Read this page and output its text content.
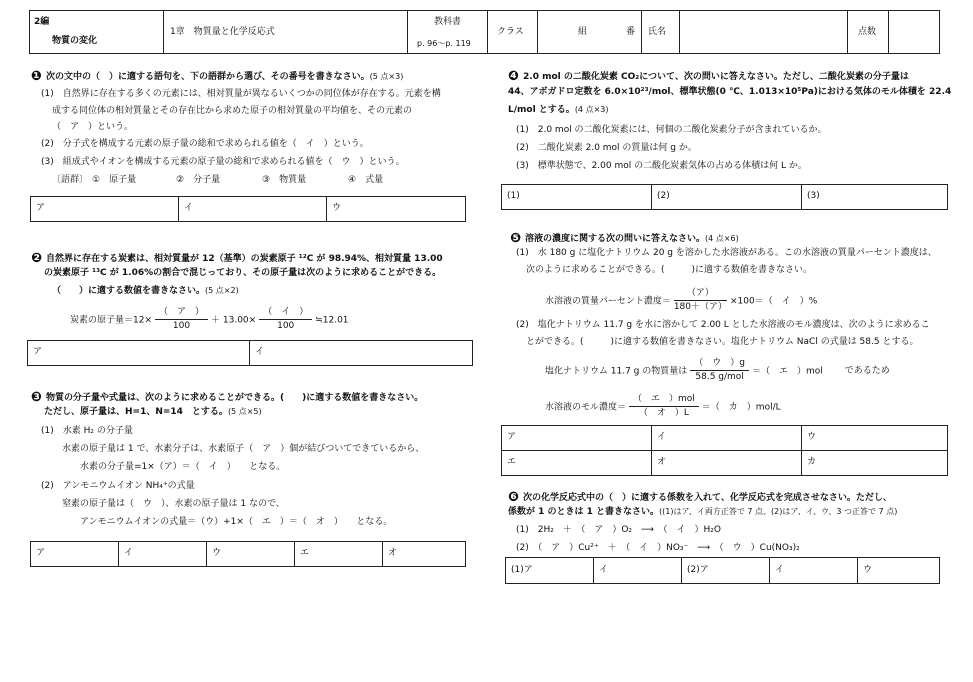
2編
物質の変化
1章　物質量と化学反応式
教科書
p. 96〜p. 119
クラス	組	番 氏名	点数
❶ 次の文中の（　）に適する語句を、下の語群から選び、その番号を書きなさい。(5 点×3)
(1)　自然界に存在する多くの元素には、相対質量が異なるいくつかの同位体が存在する。元素を構
成する同位体の相対質量とその存在比から求めた原子の相対質量の平均値を、その元素の
（　ア　）という。
(2)　分子式を構成する元素の原子量の総和で求められる値を（　イ　）という。
(3)　組成式やイオンを構成する元素の原子量の総和で求められる値を（　ウ　）という。
〔語群〕 ①　原子量	②　分子量	③　物質量	④　式量
ア	イ	ウ
❷ 自然界に存在する炭素は、相対質量が 12（基準）の炭素原子 ¹²C が 98.94%、相対質量 13.00
の炭素原子 ¹³C が 1.06%の割合で混じっており、その原子量は次のように求めることができる。
（　　）に適する数値を書きなさい。(5 点×2)
炭素の原子量$=12\times \frac{\text{（　ア　）}}{100} + 13.00\times \frac{\text{（　イ　）}}{100}$ ≒12.01
ア	イ
❸ 物質の分子量や式量は、次のように求めることができる。(　　)に適する数値を書きなさい。
ただし、原子量は、H=1、N=14　とする。(5 点×5)
(1)　水素 H₂ の分子量
水素の原子量は 1 で、水素分子は、水素原子（　ア　）個が結びついてできているから、
水素の分子量=1×（ア）＝（　イ　）　　となる。
(2)　アンモニウムイオン NH₄⁺の式量
窒素の原子量は（　ウ　）、水素の原子量は 1 なので、
アンモニウムイオンの式量＝（ウ）+1×（　エ　）＝（　オ　）　　となる。
ア	イ	ウ	エ	オ
❹ 2.0 mol の二酸化炭素 CO₂について、次の問いに答えなさい。ただし、二酸化炭素の分子量は
44、アボガドロ定数を 6.0×10²³/mol、標準状態(0 ℃、1.013×10⁵Pa)における気体のモル体積を 22.4
L/mol とする。(4 点×3)
(1)　2.0 mol の二酸化炭素には、何個の二酸化炭素分子が含まれているか。
(2)　二酸化炭素 2.0 mol の質量は何 g か。
(3)　標準状態で、2.00 mol の二酸化炭素気体の占める体積は何 L か。
(1)	(2)	(3)
❺ 溶液の濃度に関する次の問いに答えなさい。(4 点×6)
(1)　水 180 g に塩化ナトリウム 20 g を溶かした水溶液がある。この水溶液の質量パーセント濃度は、
次のように求めることができる。(　　　)に適する数値を書きなさい。
水溶液の質量パーセント濃度＝ $\frac{\text{（ア）}}{\text{180＋（ア）}} \times 100=$（　イ　）%
(2)　塩化ナトリウム 11.7 g を水に溶かして 2.00 L とした水溶液のモル濃度は、次のように求めるこ
とができる。(　　　)に適する数値を書きなさい。塩化ナトリウム NaCl の式量は 58.5 とする。
塩化ナトリウム 11.7 g の物質量は $\frac{\text{（　ウ　）g}}{\text{58.5 g/mol}}$ ＝（　エ　）mol であるため
水溶液のモル濃度＝ $\frac{\text{（　エ　）mol}}{\text{（　オ　）L}}$ ＝（　カ　）mol/L
ア	イ	ウ
エ	オ	カ
❻ 次の化学反応式中の（　）に適する係数を入れて、化学反応式を完成させなさい。ただし、
係数が 1 のときは 1 と書きなさい。((1)はア、イ両方正答で 7 点、(2)はア、イ、ウ、3 つ正答で 7 点)
(1)　2H₂　＋　（　ア　）O₂　⟶　（　イ　）H₂O
(2)　（　ア　）Cu²⁺　＋　（　イ　）NO₃⁻　⟶　（　ウ　）Cu(NO₃)₂
(1)ア	イ	(2)ア	イ	ウ
